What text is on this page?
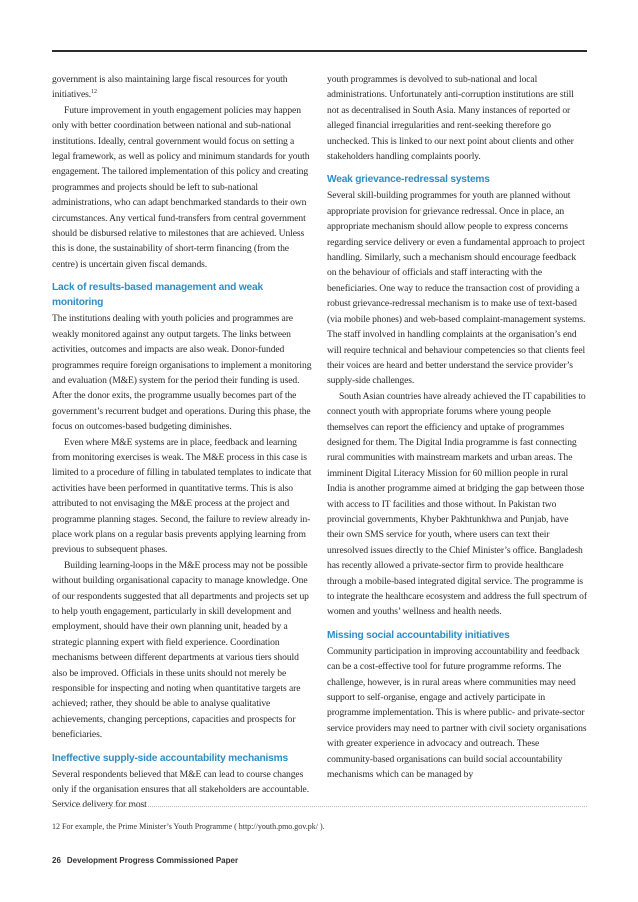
government is also maintaining large fiscal resources for youth initiatives.$^{12}$

Future improvement in youth engagement policies may happen only with better coordination between national and sub-national institutions. Ideally, central government would focus on setting a legal framework, as well as policy and minimum standards for youth engagement. The tailored implementation of this policy and creating programmes and projects should be left to sub-national administrations, who can adapt benchmarked standards to their own circumstances. Any vertical fund-transfers from central government should be disbursed relative to milestones that are achieved. Unless this is done, the sustainability of short-term financing (from the centre) is uncertain given fiscal demands.

Lack of results-based management and weak monitoring

The institutions dealing with youth policies and programmes are weakly monitored against any output targets. The links between activities, outcomes and impacts are also weak. Donor-funded programmes require foreign organisations to implement a monitoring and evaluation (M&E) system for the period their funding is used. After the donor exits, the programme usually becomes part of the government’s recurrent budget and operations. During this phase, the focus on outcomes-based budgeting diminishes.

Even where M&E systems are in place, feedback and learning from monitoring exercises is weak. The M&E process in this case is limited to a procedure of filling in tabulated templates to indicate that activities have been performed in quantitative terms. This is also attributed to not envisaging the M&E process at the project and programme planning stages. Second, the failure to review already in-place work plans on a regular basis prevents applying learning from previous to subsequent phases.

Building learning-loops in the M&E process may not be possible without building organisational capacity to manage knowledge. One of our respondents suggested that all departments and projects set up to help youth engagement, particularly in skill development and employment, should have their own planning unit, headed by a strategic planning expert with field experience. Coordination mechanisms between different departments at various tiers should also be improved. Officials in these units should not merely be responsible for inspecting and noting when quantitative targets are achieved; rather, they should be able to analyse qualitative achievements, changing perceptions, capacities and prospects for beneficiaries.

Ineffective supply-side accountability mechanisms

Several respondents believed that M&E can lead to course changes only if the organisation ensures that all stakeholders are accountable. Service delivery for most

youth programmes is devolved to sub-national and local administrations. Unfortunately anti-corruption institutions are still not as decentralised in South Asia. Many instances of reported or alleged financial irregularities and rent-seeking therefore go unchecked. This is linked to our next point about clients and other stakeholders handling complaints poorly.

Weak grievance-redressal systems

Several skill-building programmes for youth are planned without appropriate provision for grievance redressal. Once in place, an appropriate mechanism should allow people to express concerns regarding service delivery or even a fundamental approach to project handling. Similarly, such a mechanism should encourage feedback on the behaviour of officials and staff interacting with the beneficiaries. One way to reduce the transaction cost of providing a robust grievance-redressal mechanism is to make use of text-based (via mobile phones) and web-based complaint-management systems. The staff involved in handling complaints at the organisation’s end will require technical and behaviour competencies so that clients feel their voices are heard and better understand the service provider’s supply-side challenges.

South Asian countries have already achieved the IT capabilities to connect youth with appropriate forums where young people themselves can report the efficiency and uptake of programmes designed for them. The Digital India programme is fast connecting rural communities with mainstream markets and urban areas. The imminent Digital Literacy Mission for 60 million people in rural India is another programme aimed at bridging the gap between those with access to IT facilities and those without. In Pakistan two provincial governments, Khyber Pakhtunkhwa and Punjab, have their own SMS service for youth, where users can text their unresolved issues directly to the Chief Minister’s office. Bangladesh has recently allowed a private-sector firm to provide healthcare through a mobile-based integrated digital service. The programme is to integrate the healthcare ecosystem and address the full spectrum of women and youths’ wellness and health needs.

Missing social accountability initiatives

Community participation in improving accountability and feedback can be a cost-effective tool for future programme reforms. The challenge, however, is in rural areas where communities may need support to self-organise, engage and actively participate in programme implementation. This is where public- and private-sector service providers may need to partner with civil society organisations with greater experience in advocacy and outreach. These community-based organisations can build social accountability mechanisms which can be managed by

12 For example, the Prime Minister’s Youth Programme ( http://youth.pmo.gov.pk/ ).
26 Development Progress Commissioned Paper
